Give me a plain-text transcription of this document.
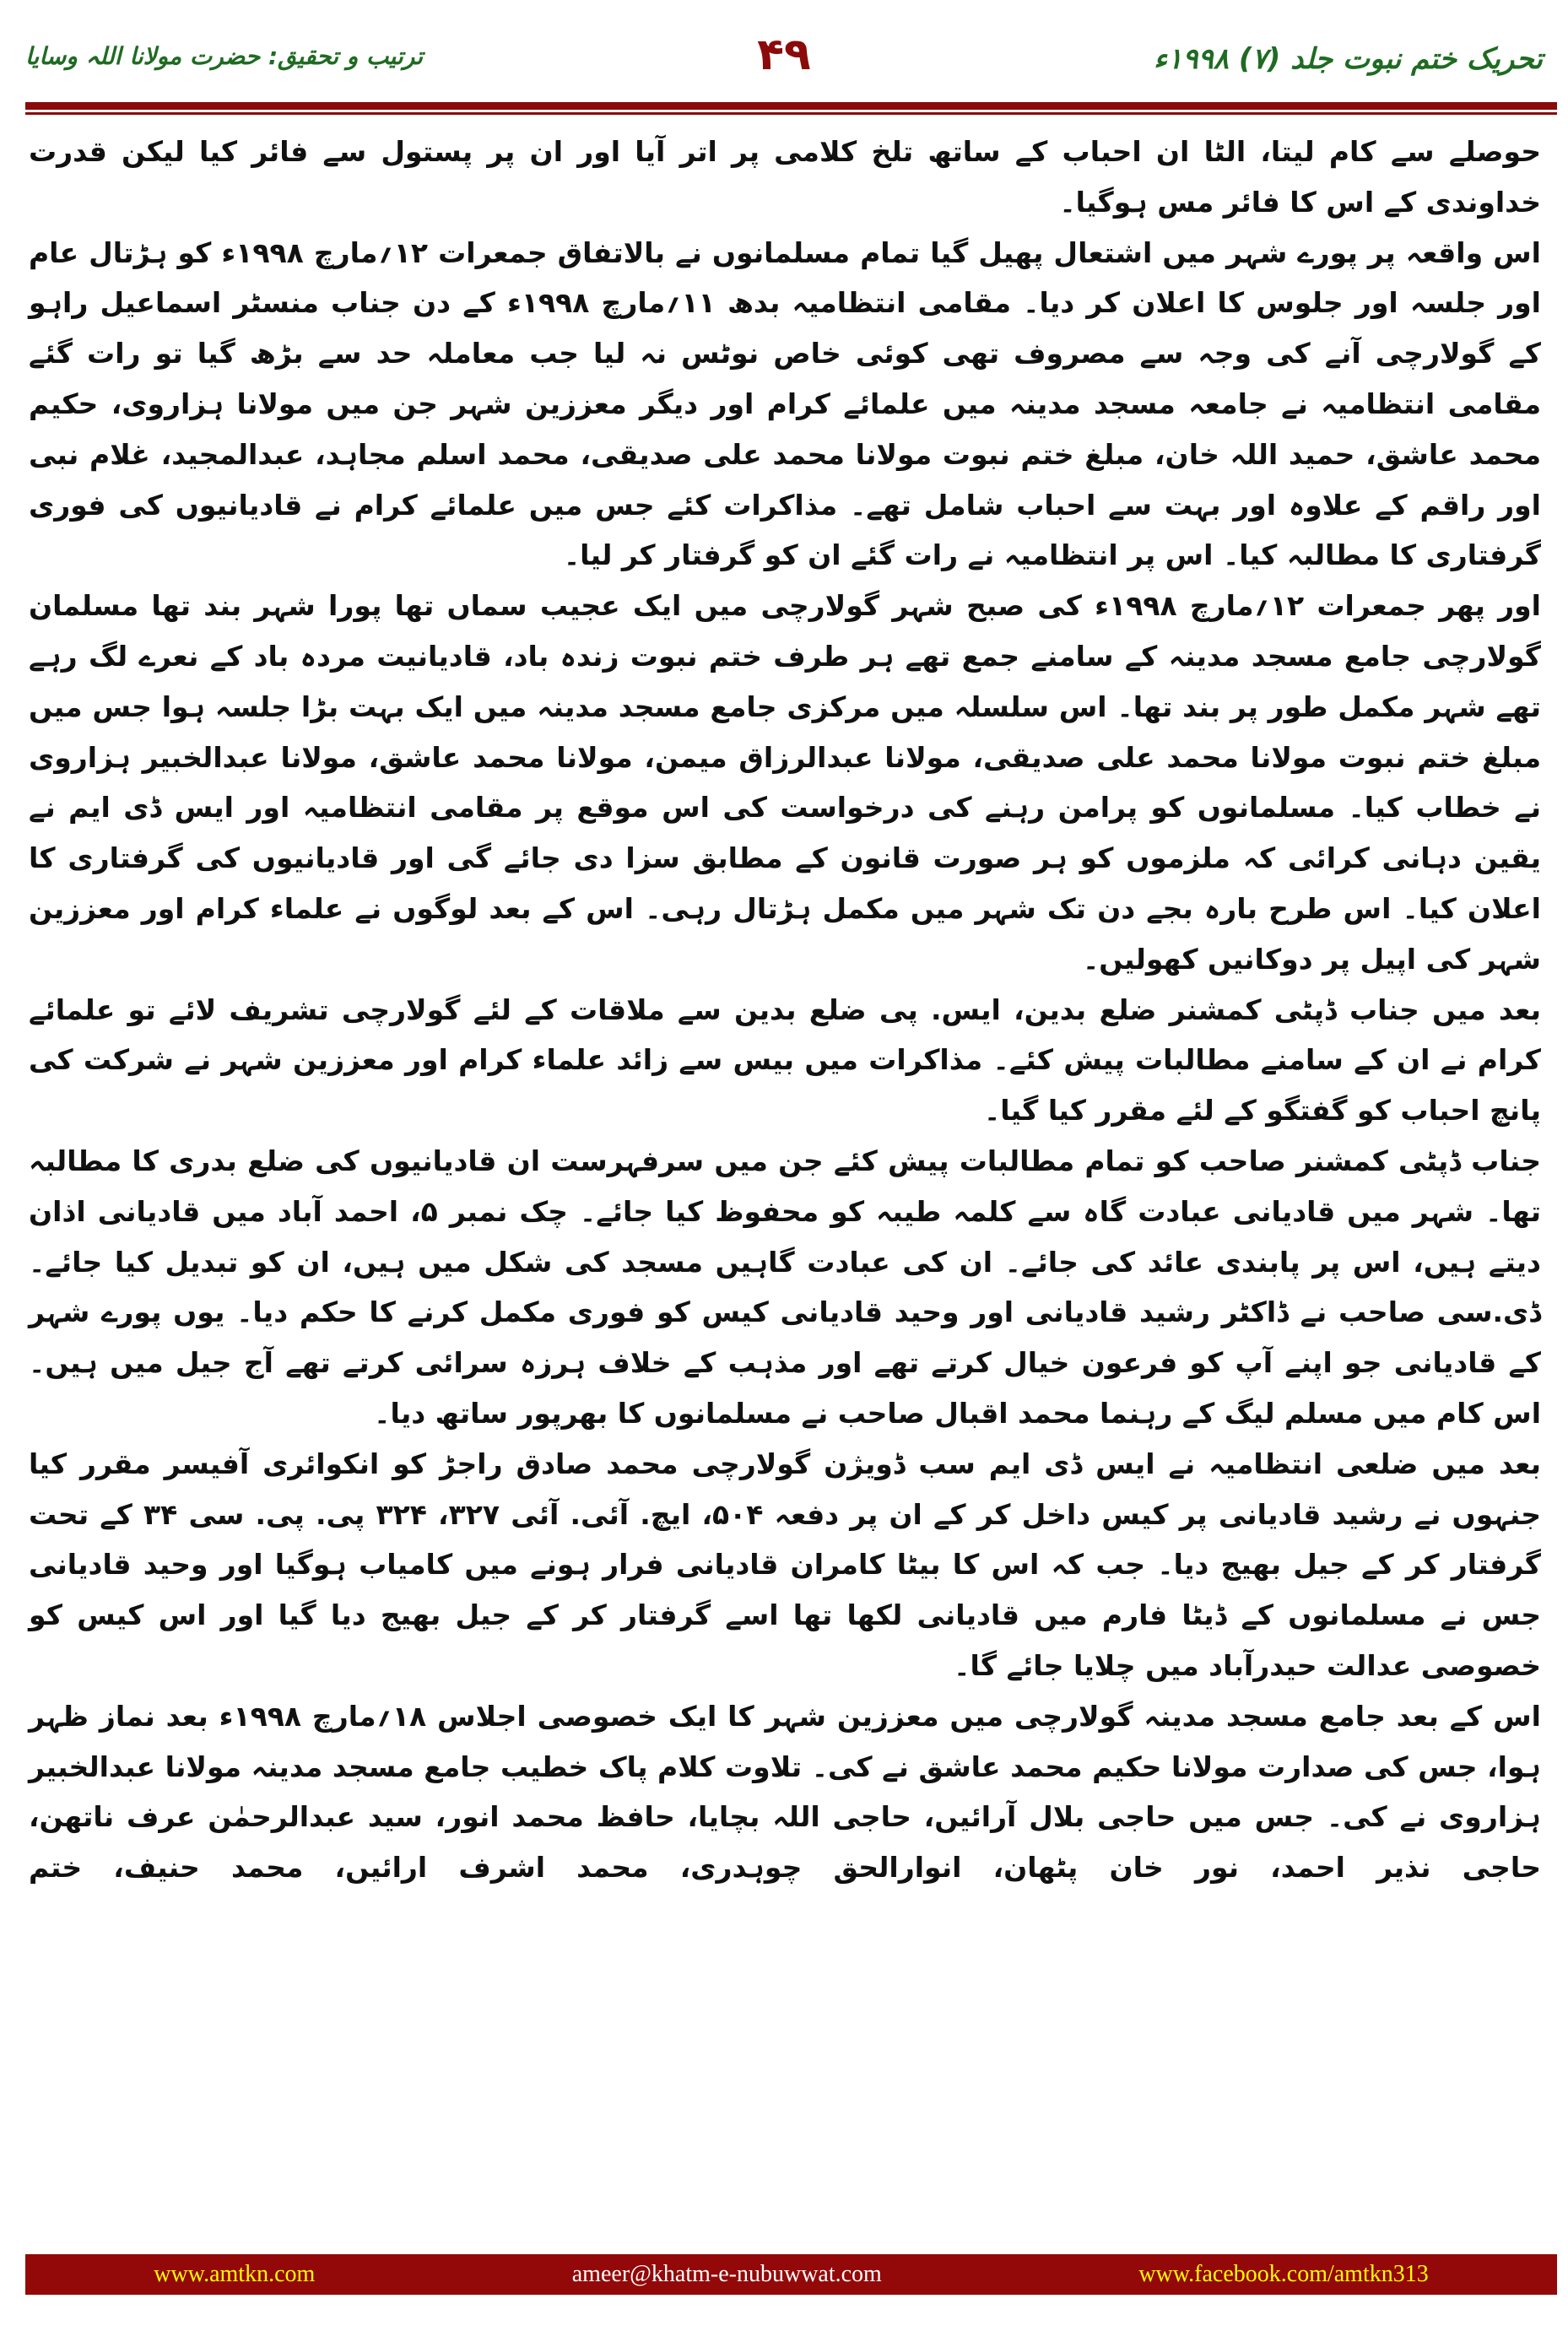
تحریک ختم نبوت جلد (۷) ۱۹۹۸ء
۴۹
ترتیب و تحقیق: حضرت مولانا اللہ وسایا

حوصلے سے کام لیتا، الٹا ان احباب کے ساتھ تلخ کلامی پر اتر آیا اور ان پر پستول سے فائر کیا لیکن قدرت خداوندی کے اس کا فائر مس ہوگیا۔

اس واقعہ پر پورے شہر میں اشتعال پھیل گیا تمام مسلمانوں نے بالاتفاق جمعرات ۱۲؍مارچ ۱۹۹۸ء کو ہڑتال عام اور جلسہ اور جلوس کا اعلان کر دیا۔ مقامی انتظامیہ بدھ ۱۱؍مارچ ۱۹۹۸ء کے دن جناب منسٹر اسماعیل راہو کے گولارچی آنے کی وجہ سے مصروف تھی کوئی خاص نوٹس نہ لیا جب معاملہ حد سے بڑھ گیا تو رات گئے مقامی انتظامیہ نے جامعہ مسجد مدینہ میں علمائے کرام اور دیگر معززین شہر جن میں مولانا ہزاروی، حکیم محمد عاشق، حمید اللہ خان، مبلغ ختم نبوت مولانا محمد علی صدیقی، محمد اسلم مجاہد، عبدالمجید، غلام نبی اور راقم کے علاوہ اور بہت سے احباب شامل تھے۔ مذاکرات کئے جس میں علمائے کرام نے قادیانیوں کی فوری گرفتاری کا مطالبہ کیا۔ اس پر انتظامیہ نے رات گئے ان کو گرفتار کر لیا۔

اور پھر جمعرات ۱۲؍مارچ ۱۹۹۸ء کی صبح شہر گولارچی میں ایک عجیب سماں تھا پورا شہر بند تھا مسلمان گولارچی جامع مسجد مدینہ کے سامنے جمع تھے ہر طرف ختم نبوت زندہ باد، قادیانیت مردہ باد کے نعرے لگ رہے تھے شہر مکمل طور پر بند تھا۔ اس سلسلہ میں مرکزی جامع مسجد مدینہ میں ایک بہت بڑا جلسہ ہوا جس میں مبلغ ختم نبوت مولانا محمد علی صدیقی، مولانا عبدالرزاق میمن، مولانا محمد عاشق، مولانا عبدالخبیر ہزاروی نے خطاب کیا۔ مسلمانوں کو پرامن رہنے کی درخواست کی اس موقع پر مقامی انتظامیہ اور ایس ڈی ایم نے یقین دہانی کرائی کہ ملزموں کو ہر صورت قانون کے مطابق سزا دی جائے گی اور قادیانیوں کی گرفتاری کا اعلان کیا۔ اس طرح بارہ بجے دن تک شہر میں مکمل ہڑتال رہی۔ اس کے بعد لوگوں نے علماء کرام اور معززین شہر کی اپیل پر دوکانیں کھولیں۔

بعد میں جناب ڈپٹی کمشنر ضلع بدین، ایس. پی ضلع بدین سے ملاقات کے لئے گولارچی تشریف لائے تو علمائے کرام نے ان کے سامنے مطالبات پیش کئے۔ مذاکرات میں بیس سے زائد علماء کرام اور معززین شہر نے شرکت کی پانچ احباب کو گفتگو کے لئے مقرر کیا گیا۔

جناب ڈپٹی کمشنر صاحب کو تمام مطالبات پیش کئے جن میں سرفہرست ان قادیانیوں کی ضلع بدری کا مطالبہ تھا۔ شہر میں قادیانی عبادت گاہ سے کلمہ طیبہ کو محفوظ کیا جائے۔ چک نمبر ۵، احمد آباد میں قادیانی اذان دیتے ہیں، اس پر پابندی عائد کی جائے۔ ان کی عبادت گاہیں مسجد کی شکل میں ہیں، ان کو تبدیل کیا جائے۔ ڈی.سی صاحب نے ڈاکٹر رشید قادیانی اور وحید قادیانی کیس کو فوری مکمل کرنے کا حکم دیا۔ یوں پورے شہر کے قادیانی جو اپنے آپ کو فرعون خیال کرتے تھے اور مذہب کے خلاف ہرزہ سرائی کرتے تھے آج جیل میں ہیں۔ اس کام میں مسلم لیگ کے رہنما محمد اقبال صاحب نے مسلمانوں کا بھرپور ساتھ دیا۔

بعد میں ضلعی انتظامیہ نے ایس ڈی ایم سب ڈویژن گولارچی محمد صادق راجڑ کو انکوائری آفیسر مقرر کیا جنہوں نے رشید قادیانی پر کیس داخل کر کے ان پر دفعہ ۵۰۴، ایچ. آئی. آئی ۳۲۷، ۳۲۴ پی. پی. سی ۳۴ کے تحت گرفتار کر کے جیل بھیج دیا۔ جب کہ اس کا بیٹا کامران قادیانی فرار ہونے میں کامیاب ہوگیا اور وحید قادیانی جس نے مسلمانوں کے ڈیٹا فارم میں قادیانی لکھا تھا اسے گرفتار کر کے جیل بھیج دیا گیا اور اس کیس کو خصوصی عدالت حیدرآباد میں چلایا جائے گا۔

اس کے بعد جامع مسجد مدینہ گولارچی میں معززین شہر کا ایک خصوصی اجلاس ۱۸؍مارچ ۱۹۹۸ء بعد نماز ظہر ہوا، جس کی صدارت مولانا حکیم محمد عاشق نے کی۔ تلاوت کلام پاک خطیب جامع مسجد مدینہ مولانا عبدالخبیر ہزاروی نے کی۔ جس میں حاجی بلال آرائیں، حاجی اللہ بچایا، حافظ محمد انور، سید عبدالرحمٰن عرف ناتھن، حاجی نذیر احمد، نور خان پٹھان، انوارالحق چوہدری، محمد اشرف ارائیں، محمد حنیف، ختم

www.amtkn.com	ameer@khatm-e-nubuwwat.com	www.facebook.com/amtkn313
